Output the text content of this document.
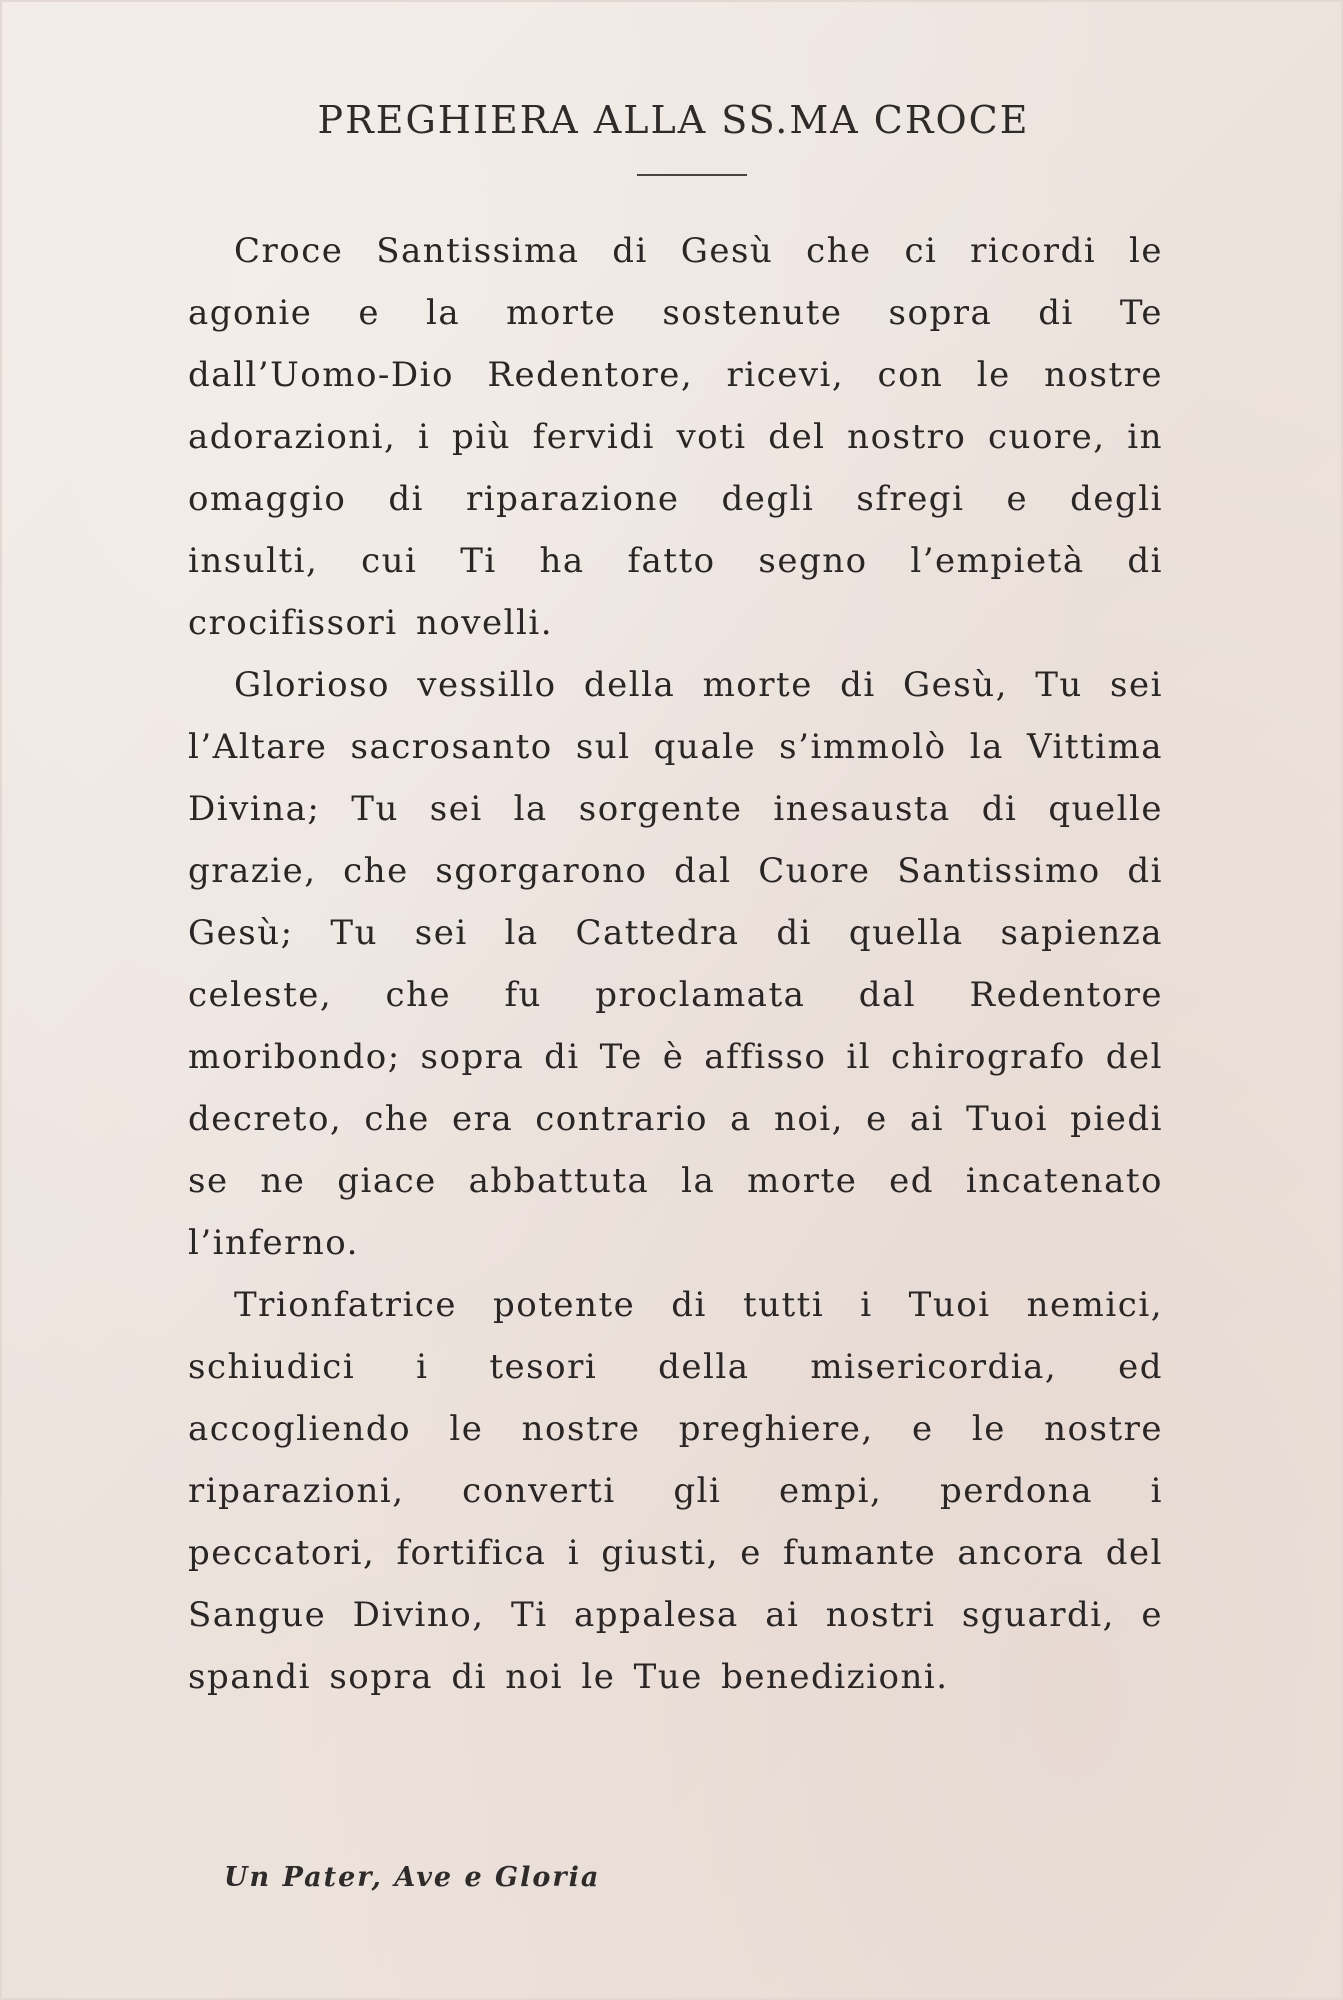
PREGHIERA ALLA SS.MA CROCE

Croce Santissima di Gesù che ci ricordi le agonie e la morte sostenute sopra di Te dall’Uomo-Dio Redentore, ricevi, con le nostre adorazioni, i più fervidi voti del nostro cuore, in omaggio di riparazione degli sfregi e degli insulti, cui Ti ha fatto segno l’empietà di crocifissori novelli.

Glorioso vessillo della morte di Gesù, Tu sei l’Altare sacrosanto sul quale s’immolò la Vittima Divina; Tu sei la sorgente inesausta di quelle grazie, che sgorgarono dal Cuore Santissimo di Gesù; Tu sei la Cattedra di quella sapienza celeste, che fu proclamata dal Redentore moribondo; sopra di Te è affisso il chirografo del decreto, che era contrario a noi, e ai Tuoi piedi se ne giace abbattuta la morte ed incatenato l’inferno.

Trionfatrice potente di tutti i Tuoi nemici, schiudici i tesori della misericordia, ed accogliendo le nostre preghiere, e le nostre riparazioni, converti gli empi, perdona i peccatori, fortifica i giusti, e fumante ancora del Sangue Divino, Ti appalesa ai nostri sguardi, e spandi sopra di noi le Tue benedizioni.

Un Pater, Ave e Gloria
